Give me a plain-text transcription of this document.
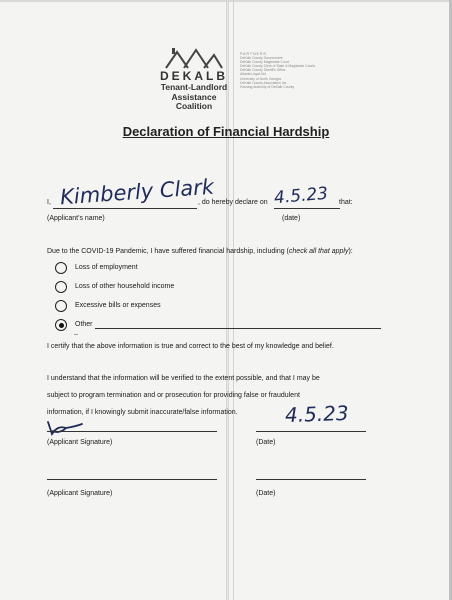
DEKALB
Tenant-Landlord
Assistance Coalition
PARTNERS
DeKalb County Government
DeKalb County Magistrate Court
DeKalb County Clerk of State & Magistrate Courts
DeKalb County Sheriff's Office
Atlanta Legal Aid
University of North Georgia
DeKalb County Association Inc.
Housing Authority of DeKalb County
Declaration of Financial Hardship
I, Kimberly Clark
, do hereby declare on 4.5.23 that:
(Applicant's name)	(date)
Due to the COVID-19 Pandemic, I have suffered financial hardship, including (check all that apply):
Loss of employment
Loss of other household income
Excessive bills or expenses
Other
–
I certify that the above information is true and correct to the best of my knowledge and belief.
I understand that the information will be verified to the extent possible, and that I may be
subject to program termination and or prosecution for providing false or fraudulent
information, if I knowingly submit inaccurate/false information.
(Applicant Signature)
4.5.23
(Date)
(Applicant Signature)	(Date)
